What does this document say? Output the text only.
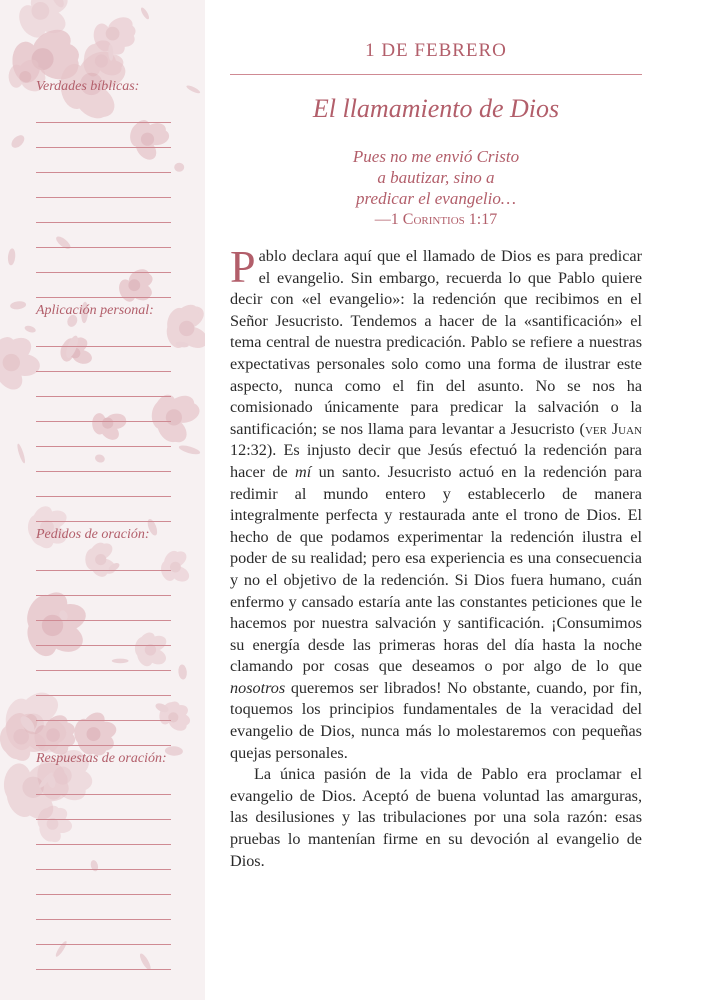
Verdades bíblicas:

Aplicación personal:

Pedidos de oración:

Respuestas de oración:

1 DE FEBRERO
El llamamiento de Dios
Pues no me envió Cristo
a bautizar, sino a
predicar el evangelio…
—1 Corintios 1:17

Pablo declara aquí que el llamado de Dios es para predicar el evangelio. Sin embargo, recuerda lo que Pablo quiere decir con «el evangelio»: la redención que recibimos en el Señor Jesucristo. Tendemos a hacer de la «santificación» el tema central de nuestra predicación. Pablo se refiere a nuestras expectativas personales solo como una forma de ilustrar este aspecto, nunca como el fin del asunto. No se nos ha comisionado únicamente para predicar la salvación o la santificación; se nos llama para levantar a Jesucristo (ver Juan 12:32). Es injusto decir que Jesús efectuó la redención para hacer de mí un santo. Jesucristo actuó en la redención para redimir al mundo entero y establecerlo de manera integralmente perfecta y restaurada ante el trono de Dios. El hecho de que podamos experimentar la redención ilustra el poder de su realidad; pero esa experiencia es una consecuencia y no el objetivo de la redención. Si Dios fuera humano, cuán enfermo y cansado estaría ante las constantes peticiones que le hacemos por nuestra salvación y santificación. ¡Consumimos su energía desde las primeras horas del día hasta la noche clamando por cosas que deseamos o por algo de lo que nosotros queremos ser librados! No obstante, cuando, por fin, toquemos los principios fundamentales de la veracidad del evangelio de Dios, nunca más lo molestaremos con pequeñas quejas personales.

La única pasión de la vida de Pablo era proclamar el evangelio de Dios. Aceptó de buena voluntad las amarguras, las desilusiones y las tribulaciones por una sola razón: esas pruebas lo mantenían firme en su devoción al evangelio de Dios.
